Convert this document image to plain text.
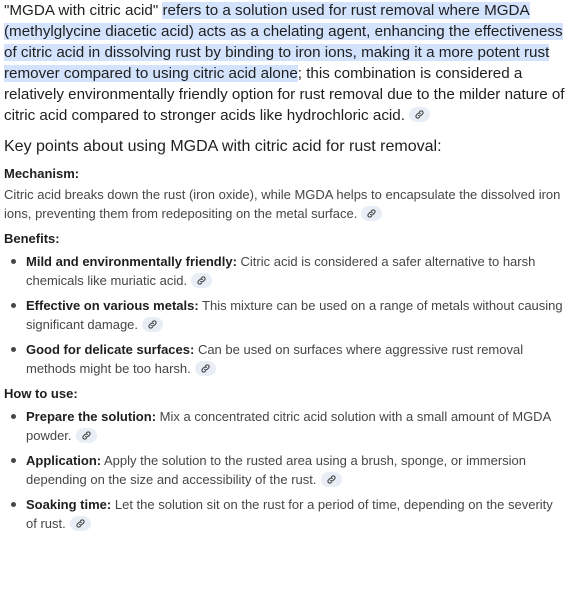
"MGDA with citric acid" refers to a solution used for rust removal where MGDA (methylglycine diacetic acid) acts as a chelating agent, enhancing the effectiveness of citric acid in dissolving rust by binding to iron ions, making it a more potent rust remover compared to using citric acid alone; this combination is considered a relatively environmentally friendly option for rust removal due to the milder nature of citric acid compared to stronger acids like hydrochloric acid.

Key points about using MGDA with citric acid for rust removal:
Mechanism:

Citric acid breaks down the rust (iron oxide), while MGDA helps to encapsulate the dissolved iron ions, preventing them from redepositing on the metal surface.

Benefits:
Mild and environmentally friendly: Citric acid is considered a safer alternative to harsh chemicals like muriatic acid.
Effective on various metals: This mixture can be used on a range of metals without causing significant damage.
Good for delicate surfaces: Can be used on surfaces where aggressive rust removal methods might be too harsh.
How to use:
Prepare the solution: Mix a concentrated citric acid solution with a small amount of MGDA powder.
Application: Apply the solution to the rusted area using a brush, sponge, or immersion depending on the size and accessibility of the rust.
Soaking time: Let the solution sit on the rust for a period of time, depending on the severity of rust.
